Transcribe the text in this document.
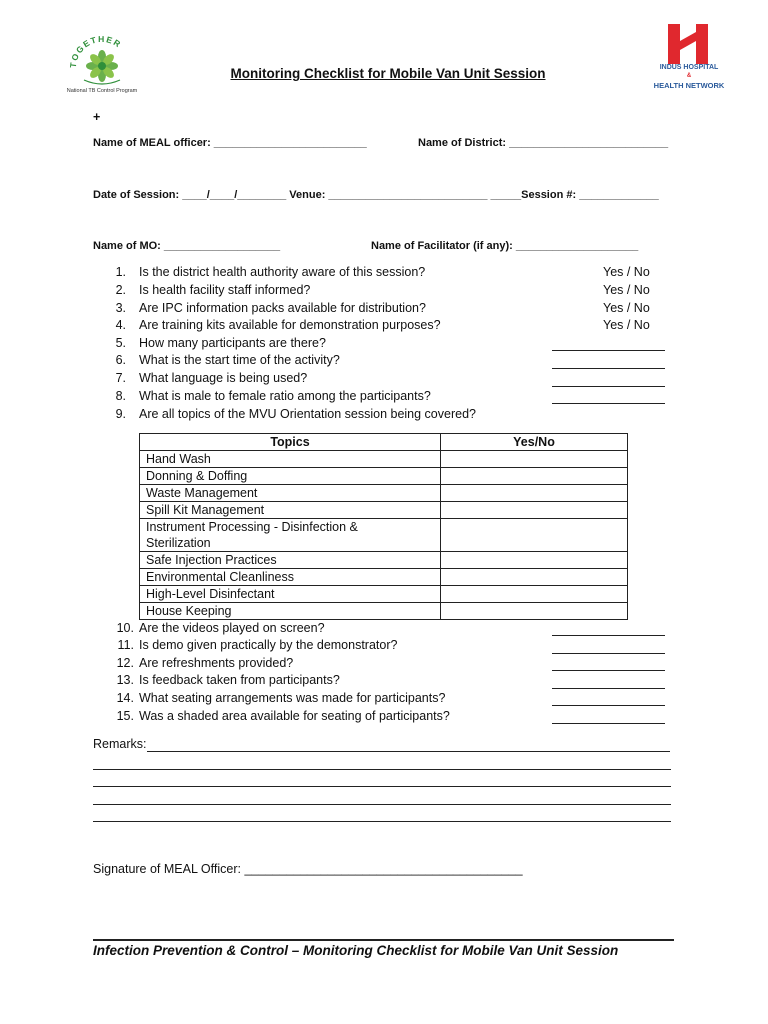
TOGETHER
National TB Control Program
Monitoring Checklist for Mobile Van Unit Session	INDUS HOSPITAL
&
HEALTH NETWORK
+
Name of MEAL officer: _________________________	Name of District: __________________________
Date of Session: ____/____/________ Venue: __________________________ _____Session #: _____________
Name of MO: ___________________	Name of Facilitator (if any): ____________________
1. Is the district health authority aware of this session?	Yes / No
2. Is health facility staff informed?	Yes / No
3. Are IPC information packs available for distribution?	Yes / No
4. Are training kits available for demonstration purposes?	Yes / No
5. How many participants are there?
6. What is the start time of the activity?
7. What language is being used?
8. What is male to female ratio among the participants?
9. Are all topics of the MVU Orientation session being covered?
Topics	Yes/No
Hand Wash	
Donning & Doffing	
Waste Management	
Spill Kit Management	
Instrument Processing - Disinfection &
Sterilization	
Safe Injection Practices	
Environmental Cleanliness	
High-Level Disinfectant	
House Keeping	
10. Are the videos played on screen?
11. Is demo given practically by the demonstrator?
12. Are refreshments provided?
13. Is feedback taken from participants?
14. What seating arrangements was made for participants?
15. Was a shaded area available for seating of participants?
Remarks:
Signature of MEAL Officer: ________________________________________
Infection Prevention & Control – Monitoring Checklist for Mobile Van Unit Session
